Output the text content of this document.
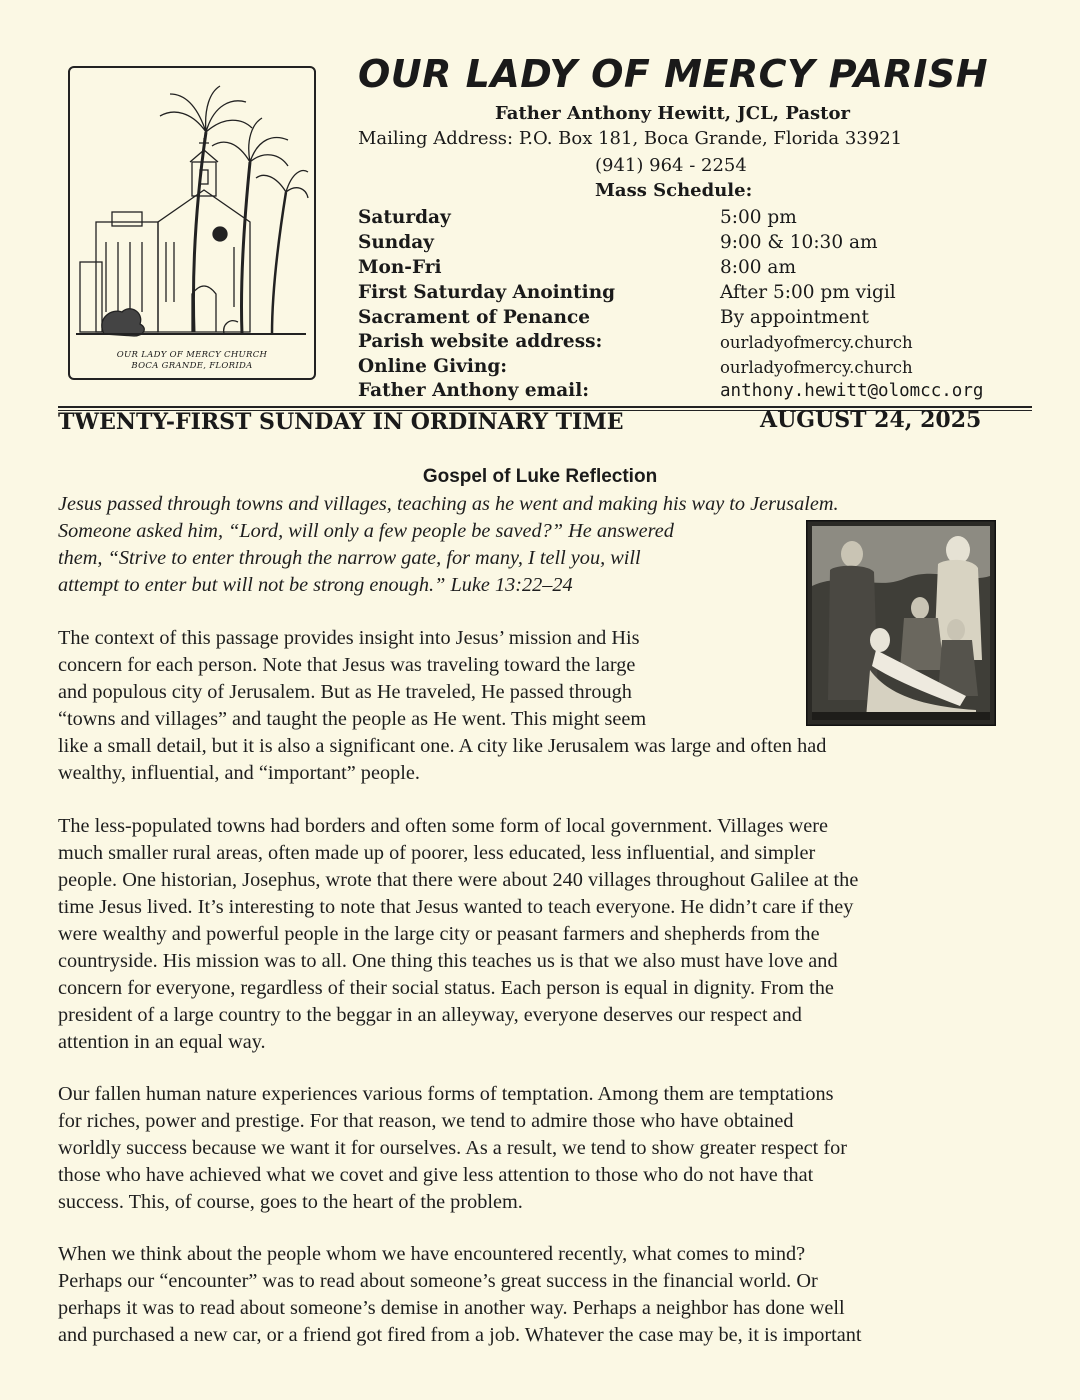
OUR LADY OF MERCY CHURCH
BOCA GRANDE, FLORIDA
OUR LADY OF MERCY PARISH
Father Anthony Hewitt, JCL, Pastor
Mailing Address: P.O. Box 181, Boca Grande, Florida 33921
(941) 964 - 2254
Mass Schedule:
Saturday	5:00 pm
Sunday	9:00 & 10:30 am
Mon-Fri	8:00 am
First Saturday Anointing	After 5:00 pm vigil
Sacrament of Penance	By appointment
Parish website address:	ourladyofmercy.church
Online Giving:	ourladyofmercy.church
Father Anthony email:	anthony.hewitt@olomcc.org
TWENTY-FIRST SUNDAY IN ORDINARY TIME	AUGUST 24, 2025
Gospel of Luke Reflection
Jesus passed through towns and villages, teaching as he went and making his way to Jerusalem.
Someone asked him, “Lord, will only a few people be saved?” He answered
them, “Strive to enter through the narrow gate, for many, I tell you, will
attempt to enter but will not be strong enough.” Luke 13:22–24
The context of this passage provides insight into Jesus’ mission and His
concern for each person. Note that Jesus was traveling toward the large
and populous city of Jerusalem. But as He traveled, He passed through
“towns and villages” and taught the people as He went. This might seem
like a small detail, but it is also a significant one. A city like Jerusalem was large and often had
wealthy, influential, and “important” people.
The less-populated towns had borders and often some form of local government. Villages were
much smaller rural areas, often made up of poorer, less educated, less influential, and simpler
people. One historian, Josephus, wrote that there were about 240 villages throughout Galilee at the
time Jesus lived. It’s interesting to note that Jesus wanted to teach everyone. He didn’t care if they
were wealthy and powerful people in the large city or peasant farmers and shepherds from the
countryside. His mission was to all. One thing this teaches us is that we also must have love and
concern for everyone, regardless of their social status. Each person is equal in dignity. From the
president of a large country to the beggar in an alleyway, everyone deserves our respect and
attention in an equal way.
Our fallen human nature experiences various forms of temptation. Among them are temptations
for riches, power and prestige. For that reason, we tend to admire those who have obtained
worldly success because we want it for ourselves. As a result, we tend to show greater respect for
those who have achieved what we covet and give less attention to those who do not have that
success. This, of course, goes to the heart of the problem.
When we think about the people whom we have encountered recently, what comes to mind?
Perhaps our “encounter” was to read about someone’s great success in the financial world. Or
perhaps it was to read about someone’s demise in another way. Perhaps a neighbor has done well
and purchased a new car, or a friend got fired from a job. Whatever the case may be, it is important
